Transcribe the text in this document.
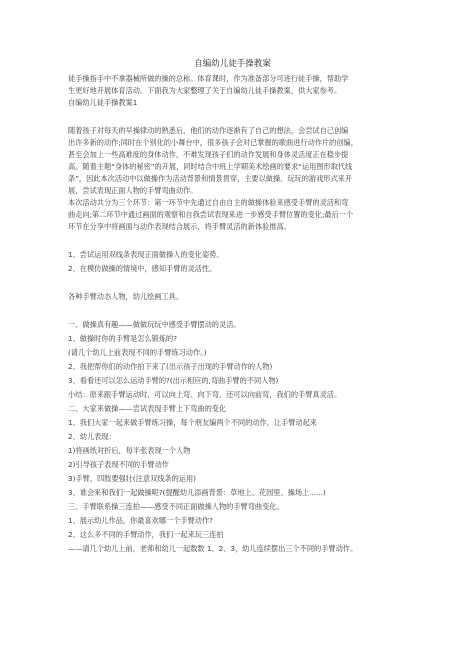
自编幼儿徒手操教案
徒手操指手中不拿器械所做的操的总称。体育课时，作为准备部分可进行徒手操，帮助学
生更好地开展体育活动。下面我为大家整理了关于自编幼儿徒手操教案，供大家参考。
自编幼儿徒手操教案1
随着孩子对每天的早操律动的熟悉后，他们的动作逐渐有了自己的想法，会尝试自己创编
出许多新的动作;同时在个别化的小舞台中，很多孩子会对已掌握的歌曲进行动作片的创编，
甚至会加上一些高难度的身体动作，不难发现孩子们的动作发展和身体灵活度正在稳步提
高。随着主题“身体的秘密”的开展，同时结合中班上学期美术绘画的要求“运用图形取代线
条”，因此本次活动中以做操作为活动背景和情景贯穿，主要以做操、玩玩的游戏形式来开
展，尝试表现正面人物的手臂弯曲动作。
本次活动共分为三个环节：第一环节中先通过自由自主的做操体验来感受手臂的灵活和弯
曲走向;第二环节中通过画面的观察和自我尝试表现来进一步感受手臂位置的变化;最后一个
环节在分享中将画面与动作表现结合展示，将手臂灵活的新体验推高。
1、尝试运用双线条表现正面做操人的变化姿势。
2、在模仿做操的情境中，感知手臂的灵活性。
各种手臂动态人物，幼儿绘画工具。
一、做操真有趣——做做玩玩中感受手臂摆动的灵活。
1、做操时你的手臂是怎么锻炼的?
(请几个幼儿上前表现不同的手臂练习动作。)
2、我把帮你们的动作拍下来了(出示孩子出现的手臂动作的人物)
3、看看还可以怎么运动手臂的?(出示相应的,弯曲手臂的不同人物)
小结：原来跟手臂运动时，可以向上弯、向下弯，还可以向前弯，我们的手臂真灵活。
二、大家来做操——尝试表现手臂上下弯曲的变化
1、我们大家一起来做手臂练习操，每个朋友编两个不同的动作，让手臂动起来
2、幼儿表现：
1)将画纸对折后，每半张表现一个人物
2)引导孩子表现不同的手臂动作
3)手臂、四肢要强壮(注意双线条的运用)
3、谁会来和我们一起做操呢?(提醒幼儿添画背景：草地上、花园里、操场上......)
三、手臂联系操三连拍——感受不同正面做操人物的手臂弯曲变化。
1、展示幼儿作品，你最喜欢哪一个手臂动作?
2、这么多不同的手臂动作，我们一起来玩三连拍
——请几个幼儿上前，老师和幼儿一起数数 1、2、3，幼儿连续摆出三个不同的手臂动作。
